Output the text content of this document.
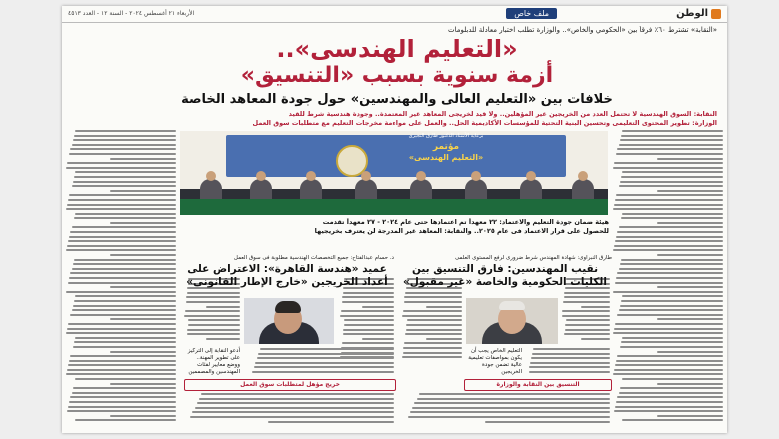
الوطن
ملف خاص
الأربعاء ٢١ أغسطس ٢٠٢٤ - السنة ١٢ - العدد ٤٥١٣
«النقابة» تشترط ٦٠٪ فرقاً بين «الحكومي والخاص».. والوزارة تطلب اختبار معادلة للدبلومات
«التعليم الهندسى»..
أزمة سنوية بسبب «التنسيق»
خلافات بين «التعليم العالى والمهندسين» حول جودة المعاهد الخاصة
النقابة: السوق الهندسية لا تحتمل العدد من الخريجين غير المؤهلين.. ولا قيد لخريجى المعاهد غير المعتمدة.. وجودة هندسية شرط للقيد
الوزارة: تطوير المحتوى التعليمى وتحسين البنية التحتية للمؤسسات الأكاديمية الحل.. والعمل على مواءمة مخرجات التعليم مع متطلبات سوق العمل
برعاية الأستاذ الدكتور طارق النجيرى
مؤتمر
«التعليم الهندسى»
هيئة ضمان جودة التعليم والاعتماد: ٢٢ معهداً تم اعتمادها حتى عام ٢٠٢٤ - ٢٧ معهداً تقدمت
للحصول على قرار الاعتماد فى عام ٢٠٢٥.. والنقابة: المعاهد غير المدرجة لن يعترف بخريجيها
د. حسام عبدالفتاح: جميع التخصصات الهندسية مطلوبة فى سوق العمل
عميد «هندسة القاهرة»: الاعتراض على أعداد الخريجين «خارج الإطار القانونى»
طارق النبراوى: شهادة المهندس شرط ضرورى لرفع المستوى العلمى
نقيب المهندسين: فارق التنسيق بين الكليات الحكومية والخاصة «غير مقبول»
أدعو النقابة إلى التركيز على تطوير المهنة.. ووضع معايير لفئات المهندسين والمصممين
التعليم الخاص يجب أن يكون بمواصفات تعليمية عالية تضمن جودة الخريجين
خريج مؤهل لمتطلبات سوق العمل	التنسيق بين النقابة والوزارة
